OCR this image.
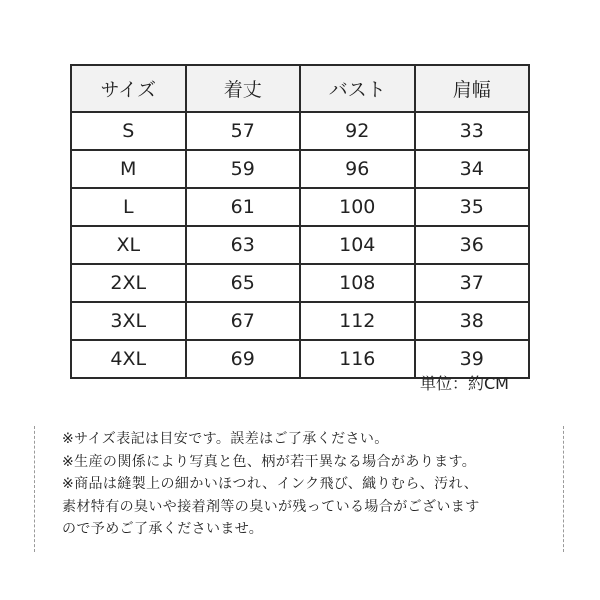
サイズ	着丈	バスト	肩幅
S	57	92	33
M	59	96	34
L	61	100	35
XL	63	104	36
2XL	65	108	37
3XL	67	112	38
4XL	69	116	39
単位：約CM
※サイズ表記は目安です。誤差はご了承ください。
※生産の関係により写真と色、柄が若干異なる場合があります。
※商品は縫製上の細かいほつれ、インク飛び、織りむら、汚れ、
素材特有の臭いや接着剤等の臭いが残っている場合がございます
ので予めご了承くださいませ。
